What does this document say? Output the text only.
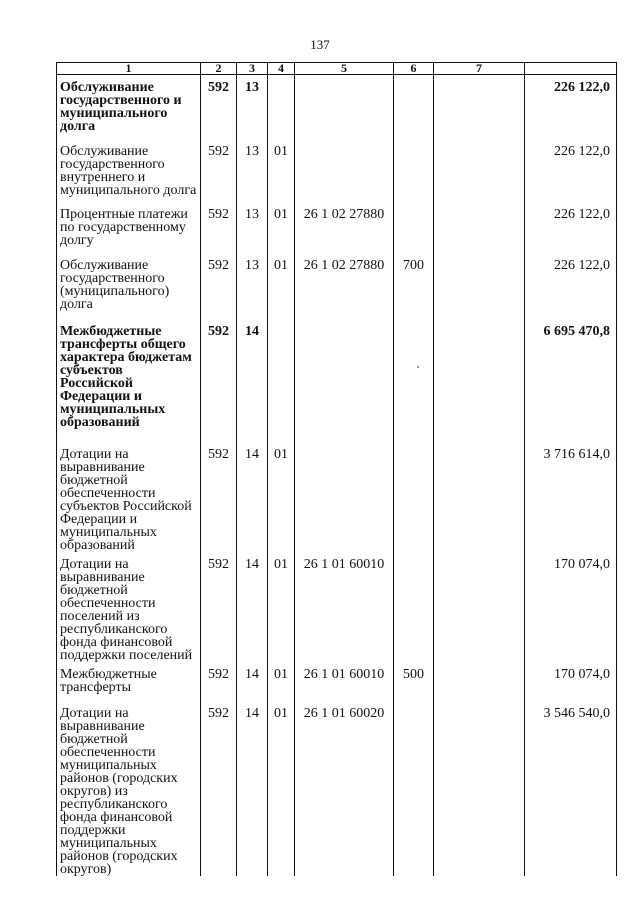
137
1	2	3	4	5	6	7	
Обслуживание государственного и муниципального долга	592	13					226 122,0
Обслуживание государственного внутреннего и муниципального долга	592	13	01				226 122,0
Процентные платежи по государственному долгу	592	13	01	26 1 02 27880			226 122,0
Обслуживание государственного (муниципального) долга	592	13	01	26 1 02 27880	700		226 122,0
Межбюджетные трансферты общего характера бюджетам субъектов Российской Федерации и муниципальных образований	592	14					6 695 470,8
Дотации на выравнивание бюджетной обеспеченности субъектов Российской Федерации и муниципальных образований	592	14	01				3 716 614,0
Дотации на выравнивание бюджетной обеспеченности поселений из республиканского фонда финансовой поддержки поселений	592	14	01	26 1 01 60010			170 074,0
Межбюджетные трансферты	592	14	01	26 1 01 60010	500		170 074,0
Дотации на выравнивание бюджетной обеспеченности муниципальных районов (городских округов) из республиканского фонда финансовой поддержки муниципальных районов (городских округов)	592	14	01	26 1 01 60020			3 546 540,0
